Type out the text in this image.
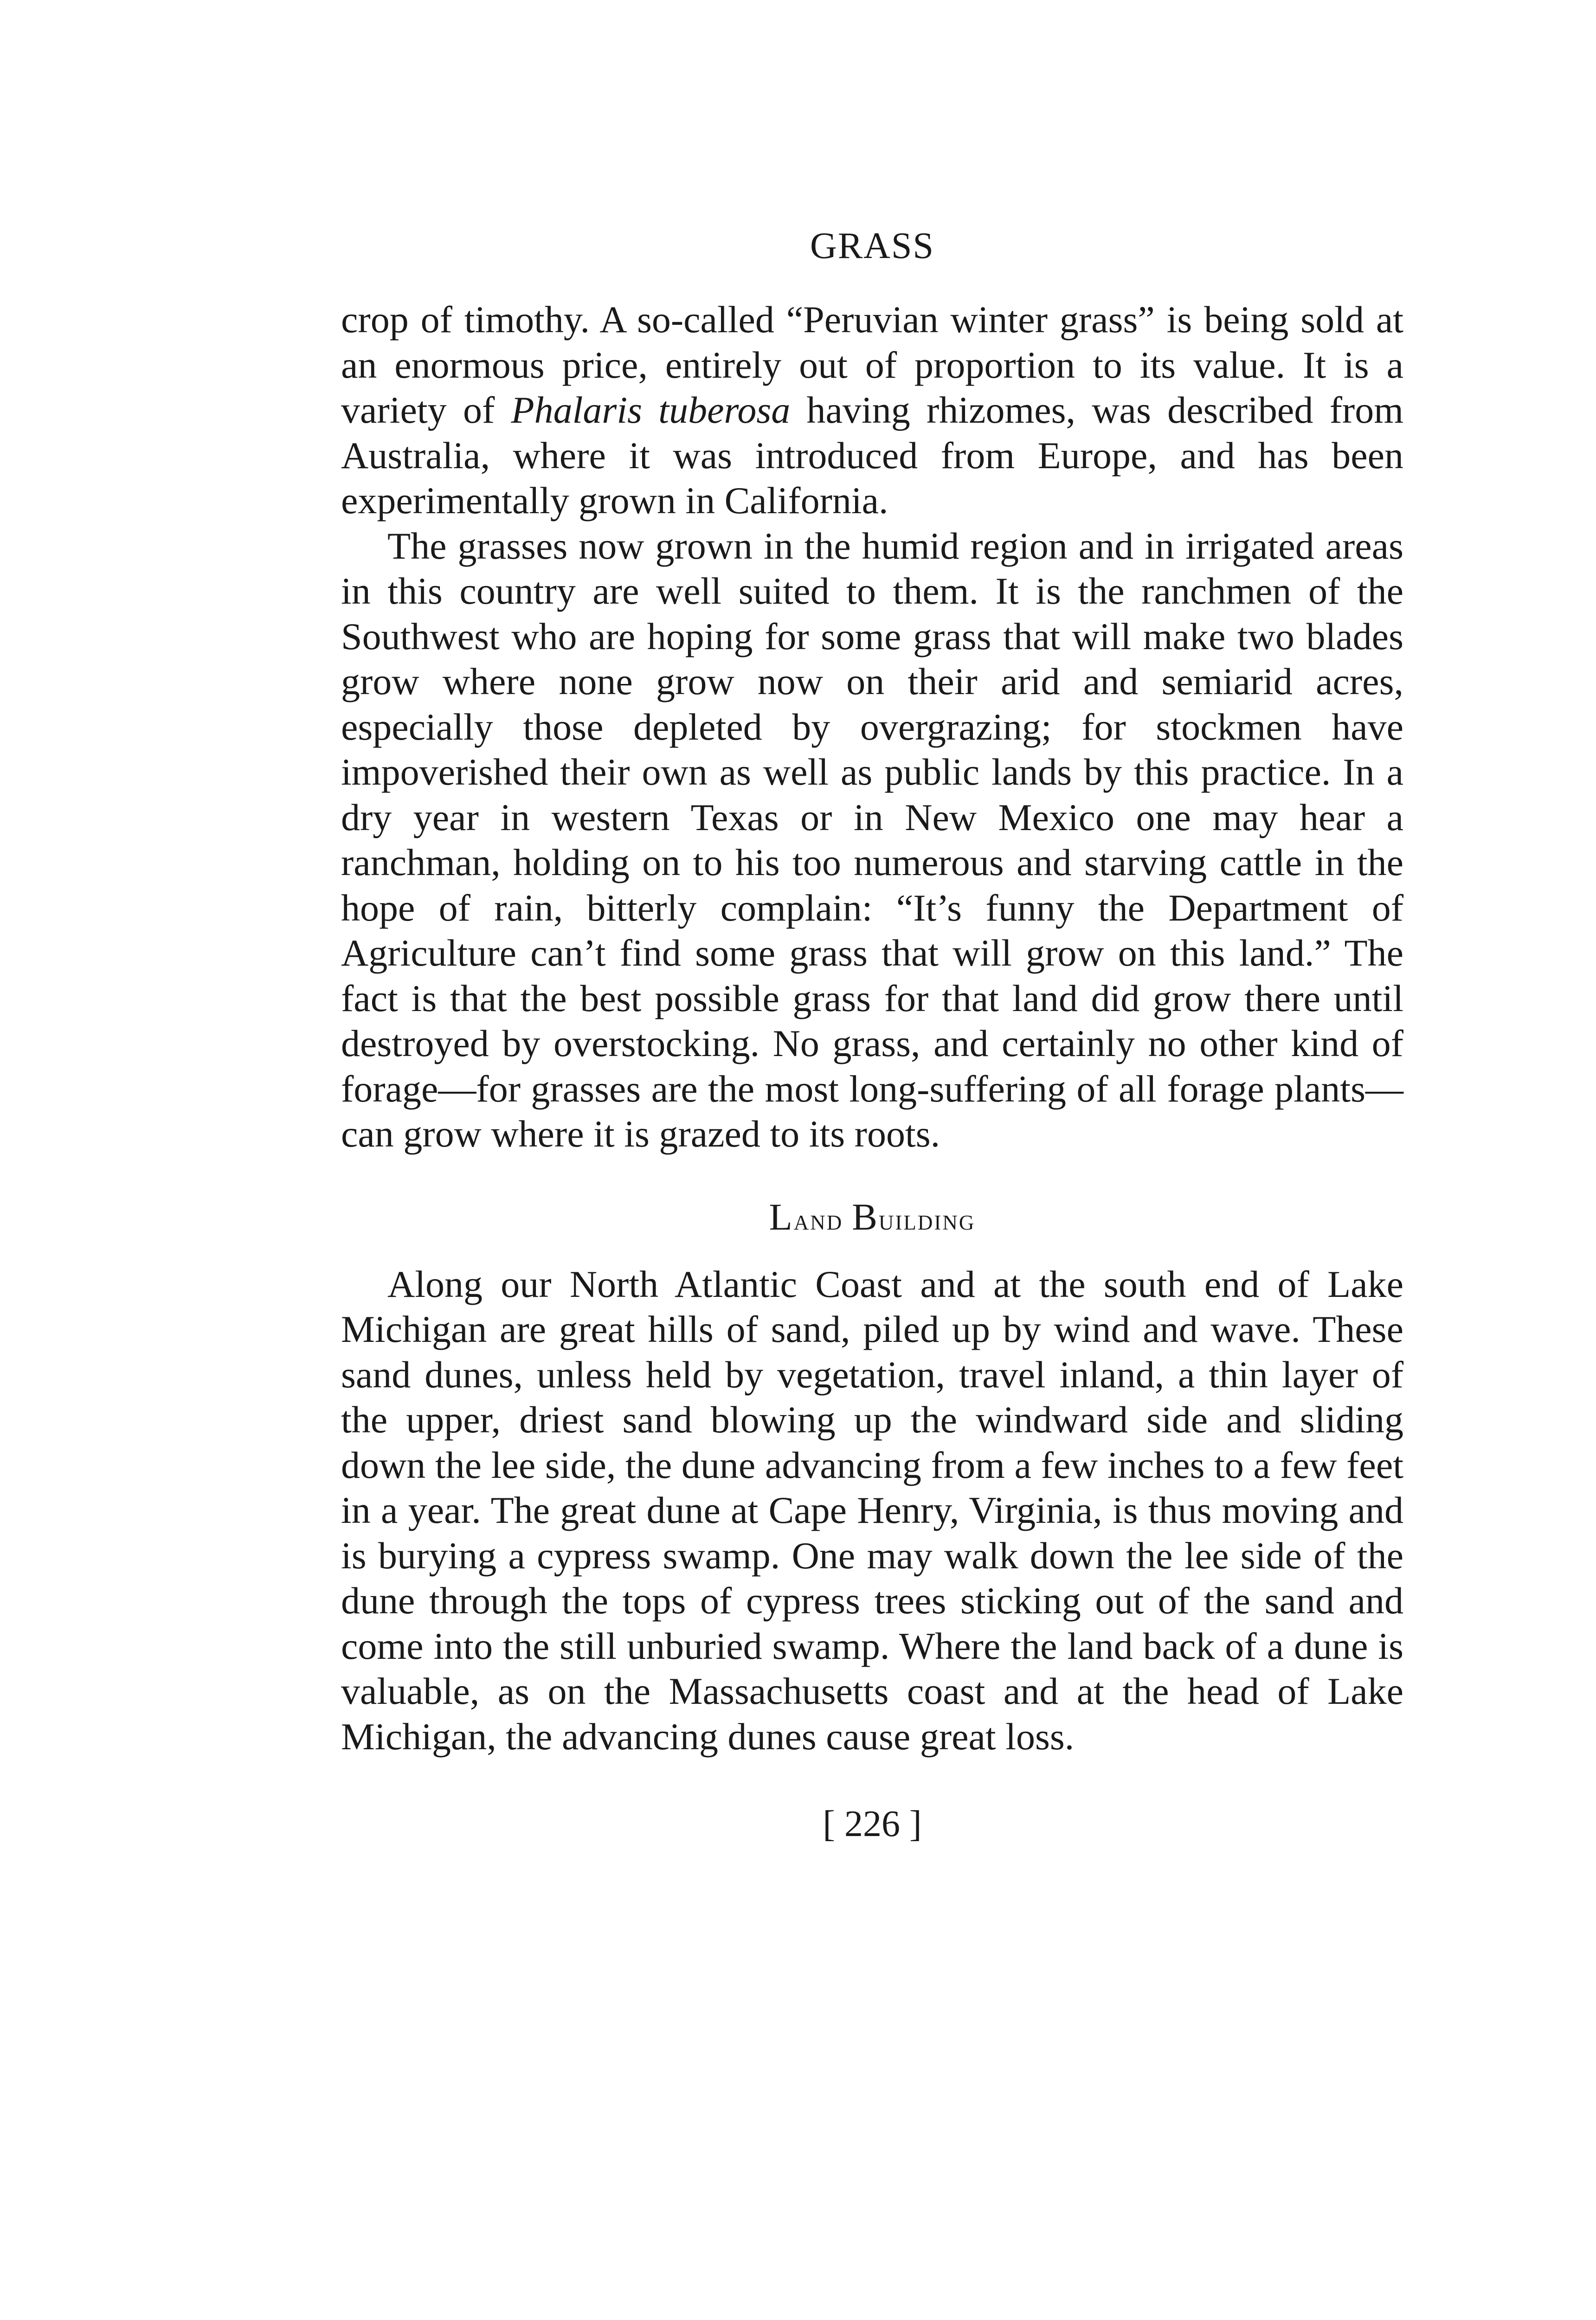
GRASS

crop of timothy. A so-called “Peruvian winter grass” is being sold at an enormous price, entirely out of proportion to its value. It is a variety of Phalaris tuberosa having rhizomes, was described from Australia, where it was introduced from Europe, and has been experimentally grown in California.

The grasses now grown in the humid region and in irrigated areas in this country are well suited to them. It is the ranchmen of the Southwest who are hoping for some grass that will make two blades grow where none grow now on their arid and semiarid acres, especially those depleted by overgrazing; for stockmen have impoverished their own as well as public lands by this practice. In a dry year in western Texas or in New Mexico one may hear a ranchman, holding on to his too numerous and starving cattle in the hope of rain, bitterly complain: “It’s funny the Department of Agriculture can’t find some grass that will grow on this land.” The fact is that the best possible grass for that land did grow there until destroyed by overstocking. No grass, and certainly no other kind of forage—for grasses are the most long-suffering of all forage plants—can grow where it is grazed to its roots.

Land Building

Along our North Atlantic Coast and at the south end of Lake Michigan are great hills of sand, piled up by wind and wave. These sand dunes, unless held by vegetation, travel inland, a thin layer of the upper, driest sand blowing up the windward side and sliding down the lee side, the dune advancing from a few inches to a few feet in a year. The great dune at Cape Henry, Virginia, is thus moving and is burying a cypress swamp. One may walk down the lee side of the dune through the tops of cypress trees sticking out of the sand and come into the still unburied swamp. Where the land back of a dune is valuable, as on the Massachusetts coast and at the head of Lake Michigan, the advancing dunes cause great loss.

[ 226 ]
